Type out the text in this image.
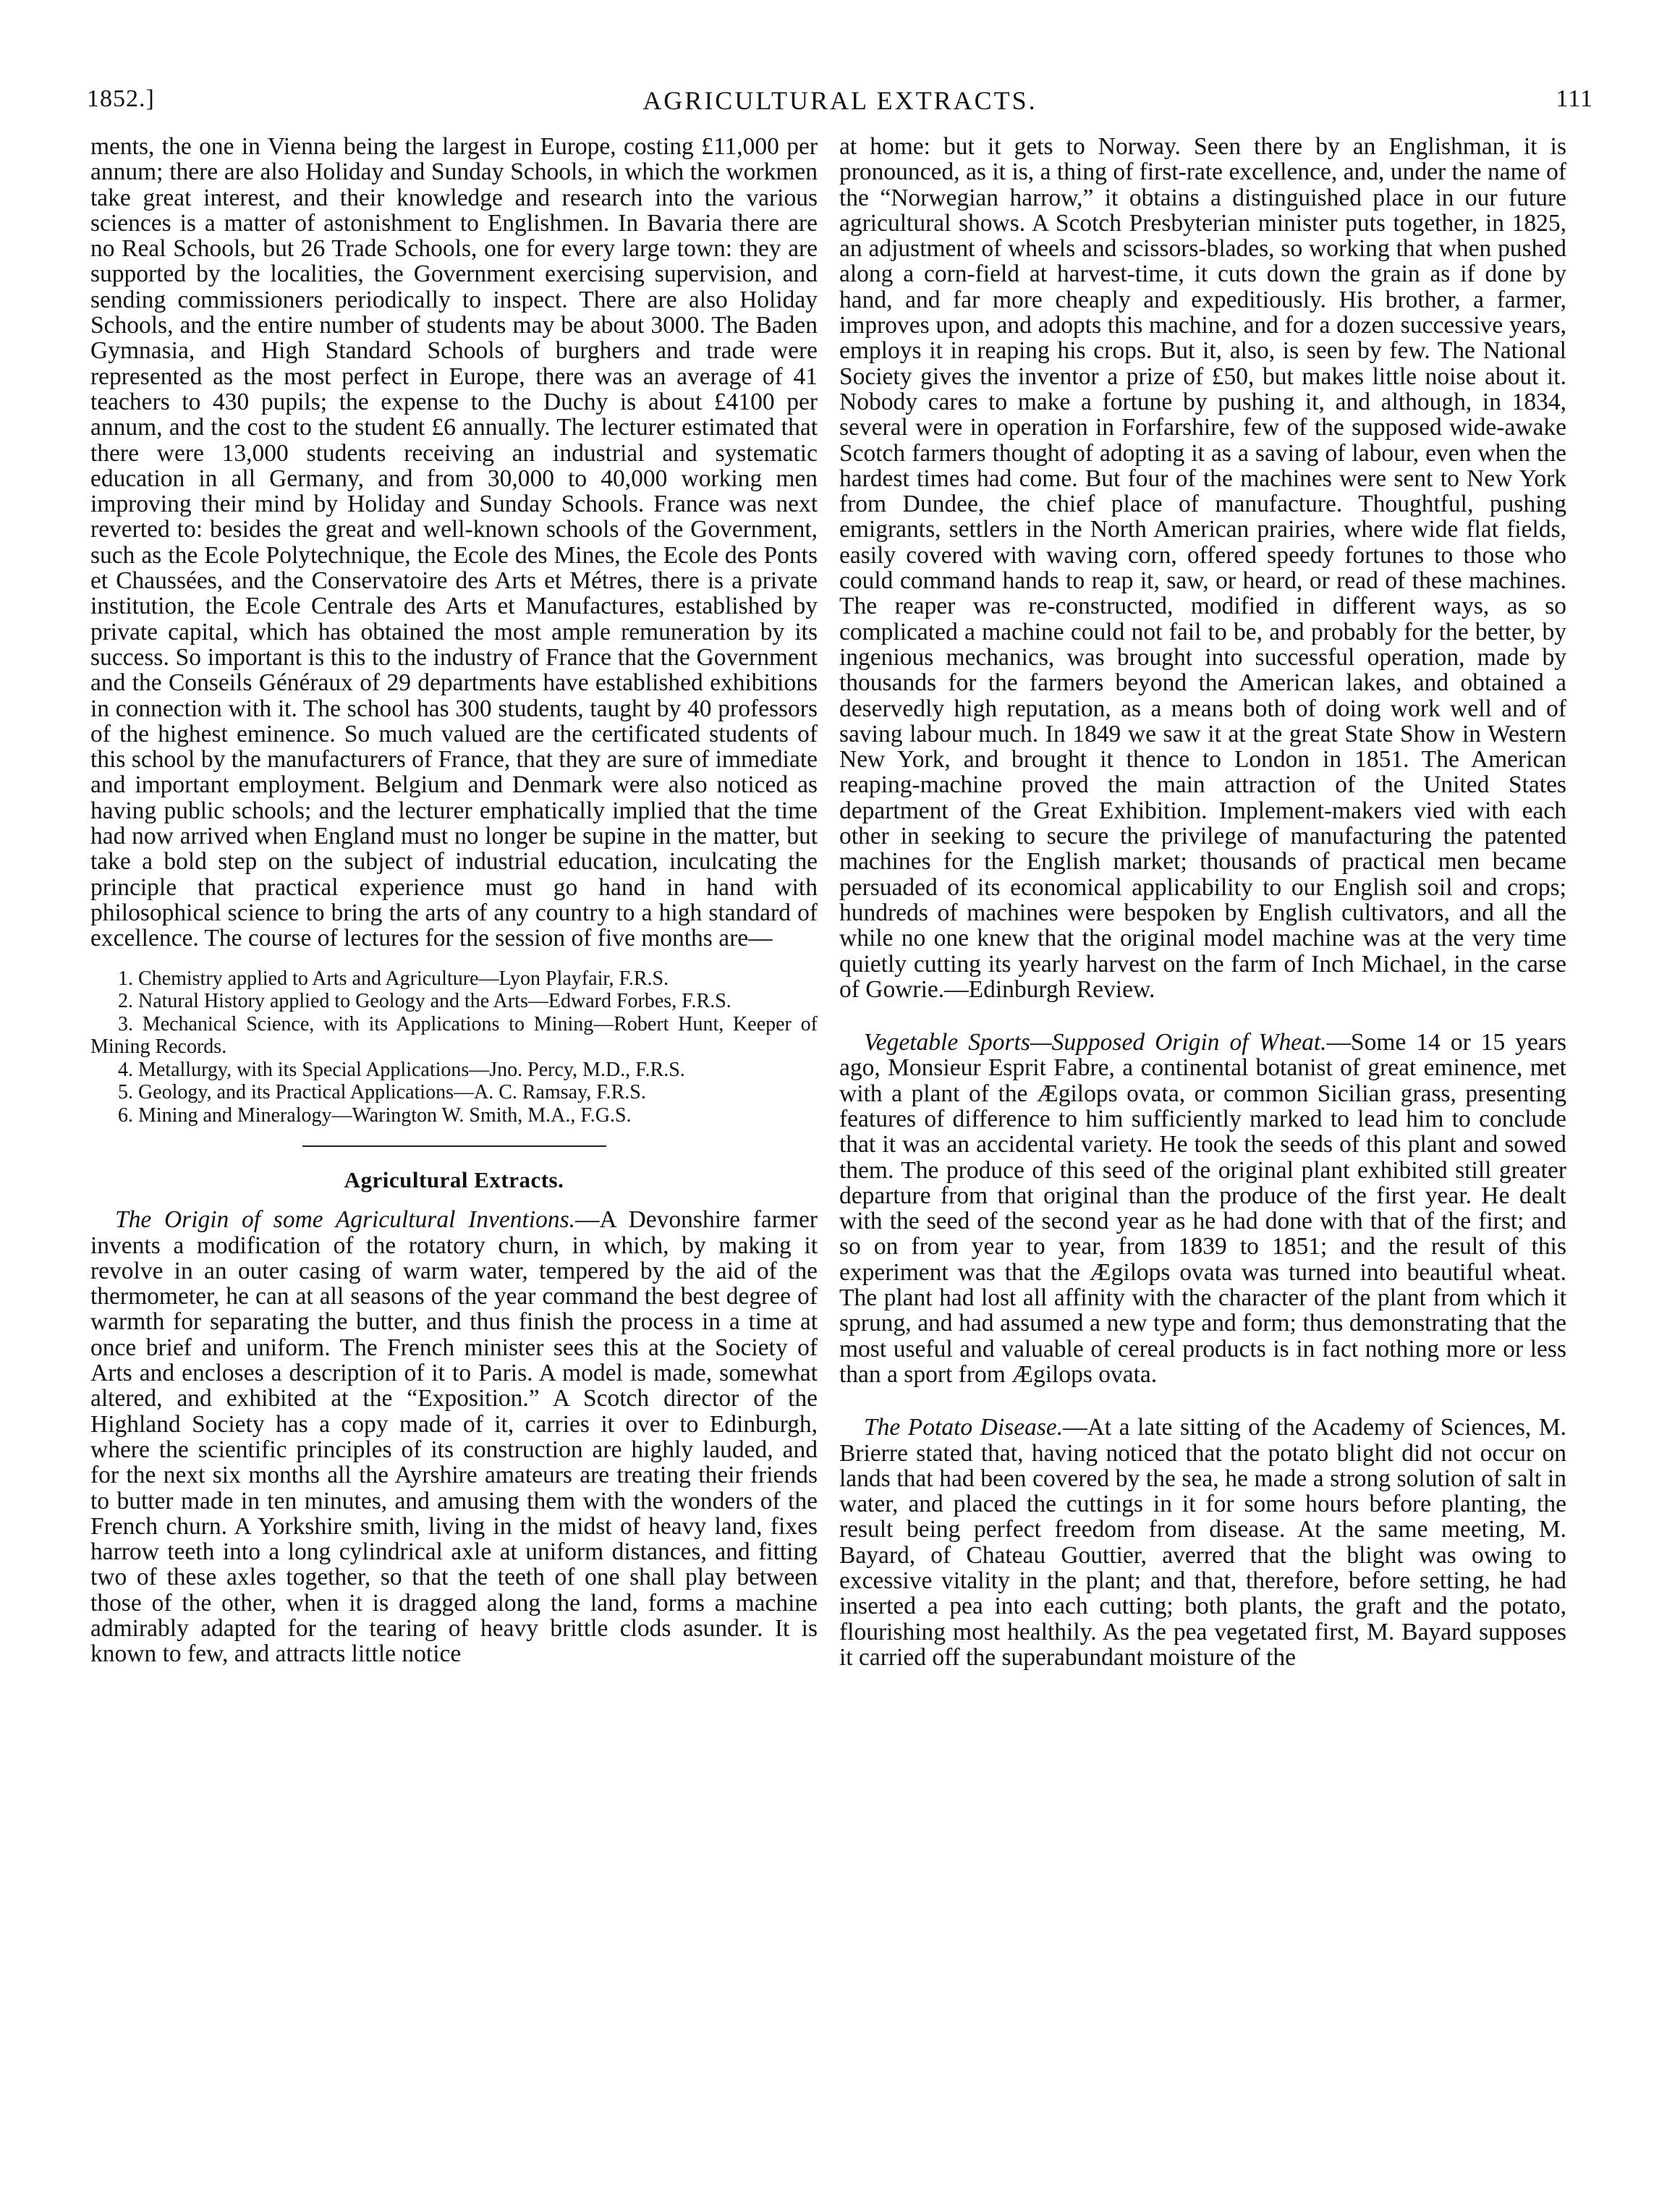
1852.]	AGRICULTURAL EXTRACTS.	111

ments, the one in Vienna being the largest in Europe, costing £11,000 per annum; there are also Holiday and Sunday Schools, in which the workmen take great interest, and their knowledge and research into the various sciences is a matter of astonishment to Englishmen. In Bavaria there are no Real Schools, but 26 Trade Schools, one for every large town: they are supported by the localities, the Government exercising supervision, and sending commissioners periodically to inspect. There are also Holiday Schools, and the entire number of students may be about 3000. The Baden Gymnasia, and High Standard Schools of burghers and trade were represented as the most perfect in Europe, there was an average of 41 teachers to 430 pupils; the expense to the Duchy is about £4100 per annum, and the cost to the student £6 annually. The lecturer estimated that there were 13,000 students receiving an industrial and systematic education in all Germany, and from 30,000 to 40,000 working men improving their mind by Holiday and Sunday Schools. France was next reverted to: besides the great and well-known schools of the Government, such as the Ecole Polytechnique, the Ecole des Mines, the Ecole des Ponts et Chaussées, and the Conservatoire des Arts et Métres, there is a private institution, the Ecole Centrale des Arts et Manufactures, established by private capital, which has obtained the most ample remuneration by its success. So important is this to the industry of France that the Government and the Conseils Généraux of 29 departments have established exhibitions in connection with it. The school has 300 students, taught by 40 professors of the highest eminence. So much valued are the certificated students of this school by the manufacturers of France, that they are sure of immediate and important employment. Belgium and Denmark were also noticed as having public schools; and the lecturer emphatically implied that the time had now arrived when England must no longer be supine in the matter, but take a bold step on the subject of industrial education, inculcating the principle that practical experience must go hand in hand with philosophical science to bring the arts of any country to a high standard of excellence. The course of lectures for the session of five months are—

1. Chemistry applied to Arts and Agriculture—Lyon Playfair, F.R.S.

2. Natural History applied to Geology and the Arts—Edward Forbes, F.R.S.

3. Mechanical Science, with its Applications to Mining—Robert Hunt, Keeper of Mining Records.

4. Metallurgy, with its Special Applications—Jno. Percy, M.D., F.R.S.

5. Geology, and its Practical Applications—A. C. Ramsay, F.R.S.

6. Mining and Mineralogy—Warington W. Smith, M.A., F.G.S.

Agricultural Extracts.

The Origin of some Agricultural Inventions.—A Devonshire farmer invents a modification of the rotatory churn, in which, by making it revolve in an outer casing of warm water, tempered by the aid of the thermometer, he can at all seasons of the year command the best degree of warmth for separating the butter, and thus finish the process in a time at once brief and uniform. The French minister sees this at the Society of Arts and encloses a description of it to Paris. A model is made, somewhat altered, and exhibited at the “Exposition.” A Scotch director of the Highland Society has a copy made of it, carries it over to Edinburgh, where the scientific principles of its construction are highly lauded, and for the next six months all the Ayrshire amateurs are treating their friends to butter made in ten minutes, and amusing them with the wonders of the French churn. A Yorkshire smith, living in the midst of heavy land, fixes harrow teeth into a long cylindrical axle at uniform distances, and fitting two of these axles together, so that the teeth of one shall play between those of the other, when it is dragged along the land, forms a machine admirably adapted for the tearing of heavy brittle clods asunder. It is known to few, and attracts little notice

at home: but it gets to Norway. Seen there by an Englishman, it is pronounced, as it is, a thing of first-rate excellence, and, under the name of the “Norwegian harrow,” it obtains a distinguished place in our future agricultural shows. A Scotch Presbyterian minister puts together, in 1825, an adjustment of wheels and scissors-blades, so working that when pushed along a corn-field at harvest-time, it cuts down the grain as if done by hand, and far more cheaply and expeditiously. His brother, a farmer, improves upon, and adopts this machine, and for a dozen successive years, employs it in reaping his crops. But it, also, is seen by few. The National Society gives the inventor a prize of £50, but makes little noise about it. Nobody cares to make a fortune by pushing it, and although, in 1834, several were in operation in Forfarshire, few of the supposed wide-awake Scotch farmers thought of adopting it as a saving of labour, even when the hardest times had come. But four of the machines were sent to New York from Dundee, the chief place of manufacture. Thoughtful, pushing emigrants, settlers in the North American prairies, where wide flat fields, easily covered with waving corn, offered speedy fortunes to those who could command hands to reap it, saw, or heard, or read of these machines. The reaper was re-constructed, modified in different ways, as so complicated a machine could not fail to be, and probably for the better, by ingenious mechanics, was brought into successful operation, made by thousands for the farmers beyond the American lakes, and obtained a deservedly high reputation, as a means both of doing work well and of saving labour much. In 1849 we saw it at the great State Show in Western New York, and brought it thence to London in 1851. The American reaping-machine proved the main attraction of the United States department of the Great Exhibition. Implement-makers vied with each other in seeking to secure the privilege of manufacturing the patented machines for the English market; thousands of practical men became persuaded of its economical applicability to our English soil and crops; hundreds of machines were bespoken by English cultivators, and all the while no one knew that the original model machine was at the very time quietly cutting its yearly harvest on the farm of Inch Michael, in the carse of Gowrie.—Edinburgh Review.

Vegetable Sports—Supposed Origin of Wheat.—Some 14 or 15 years ago, Monsieur Esprit Fabre, a continental botanist of great eminence, met with a plant of the Ægilops ovata, or common Sicilian grass, presenting features of difference to him sufficiently marked to lead him to conclude that it was an accidental variety. He took the seeds of this plant and sowed them. The produce of this seed of the original plant exhibited still greater departure from that original than the produce of the first year. He dealt with the seed of the second year as he had done with that of the first; and so on from year to year, from 1839 to 1851; and the result of this experiment was that the Ægilops ovata was turned into beautiful wheat. The plant had lost all affinity with the character of the plant from which it sprung, and had assumed a new type and form; thus demonstrating that the most useful and valuable of cereal products is in fact nothing more or less than a sport from Ægilops ovata.

The Potato Disease.—At a late sitting of the Academy of Sciences, M. Brierre stated that, having noticed that the potato blight did not occur on lands that had been covered by the sea, he made a strong solution of salt in water, and placed the cuttings in it for some hours before planting, the result being perfect freedom from disease. At the same meeting, M. Bayard, of Chateau Gouttier, averred that the blight was owing to excessive vitality in the plant; and that, therefore, before setting, he had inserted a pea into each cutting; both plants, the graft and the potato, flourishing most healthily. As the pea vegetated first, M. Bayard supposes it carried off the superabundant moisture of the
